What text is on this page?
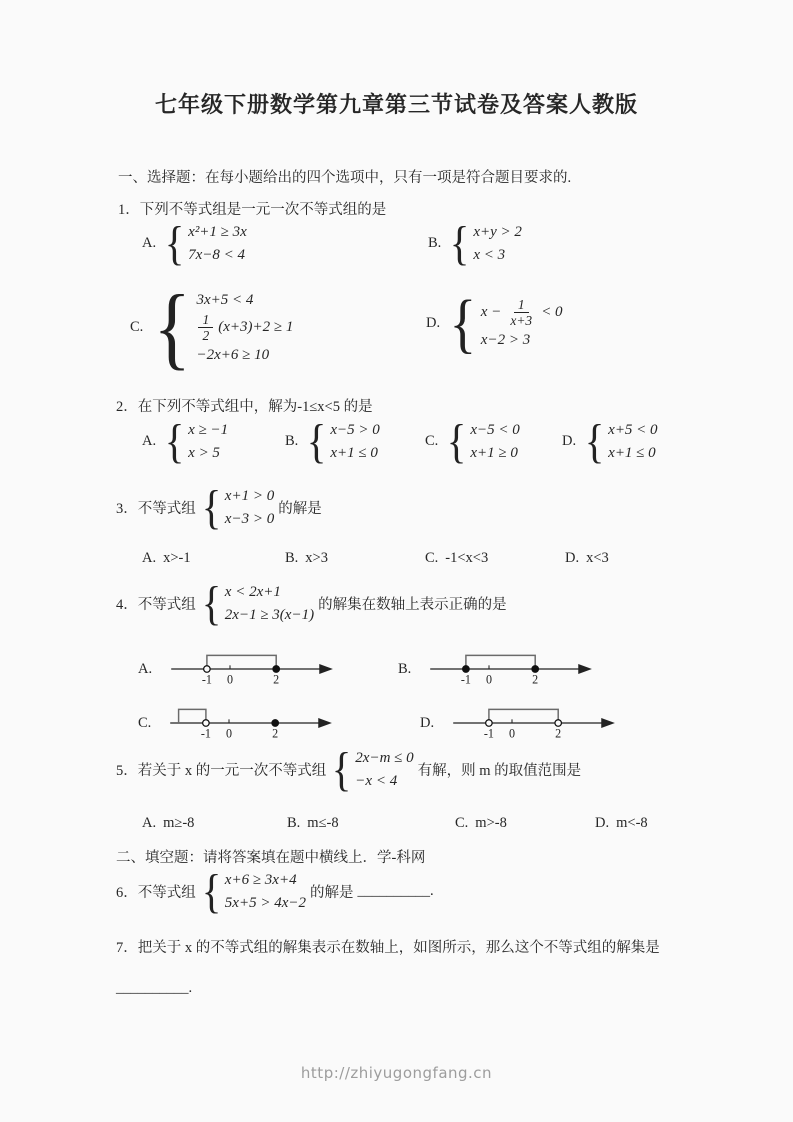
七年级下册数学第九章第三节试卷及答案人教版
一、选择题：在每小题给出的四个选项中，只有一项是符合题目要求的.
1．下列不等式组是一元一次不等式组的是
A. { x²+1 ≥ 3x
7x−8 < 4
B. { x+y > 2
x < 3
C. { 3x+5 < 4
$\frac{1}{2} (x+3)+2 \ge 1$
−2x+6 ≥ 10
D. { $x - \frac{1}{x+3} < 0$
x−2 > 3
2．在下列不等式组中，解为-1≤x<5 的是
A. { x ≥ −1
x > 5
B. { x−5 > 0
x+1 ≤ 0
C. { x−5 < 0
x+1 ≥ 0
D. { x+5 < 0
x+1 ≤ 0
3．不等式组 { x+1 > 0
x−3 > 0
的解是
A. x>-1	B. x>3	C. -1<x<3	D. x<3
4．不等式组 { x < 2x+1
2x−1 ≥ 3(x−1)
的解集在数轴上表示正确的是
A.
-1 0	2
B.
-1 0	2
C.
-1 0	2
D.
-1 0	2
5．若关于 x 的一元一次不等式组 { 2x−m ≤ 0
−x < 4
有解，则 m 的取值范围是
A. m≥-8	B. m≤-8	C. m>-8	D. m<-8
二、填空题：请将答案填在题中横线上．学-科网
6．不等式组 { x+6 ≥ 3x+4
5x+5 > 4x−2
的解是 __________.
7．把关于 x 的不等式组的解集表示在数轴上，如图所示，那么这个不等式组的解集是
__________.
http://zhiyugongfang.cn
